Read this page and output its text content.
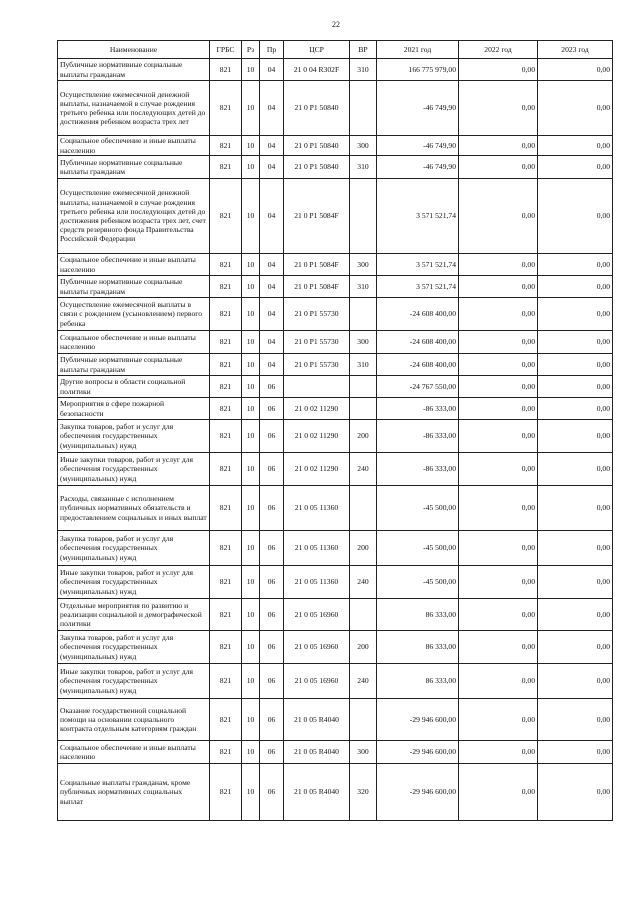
22
Наименование	ГРБС	Рз	Пр	ЦСР	ВР	2021 год	2022 год	2023 год
Публичные нормативные социальные выплаты гражданам	821	10	04	21 0 04 R302F	310	166 775 979,00	0,00	0,00
Осуществление ежемесячной денежной выплаты, назначаемой в случае рождения третьего ребенка или последующих детей до достижения ребенком возраста трех лет	821	10	04	21 0 P1 50840		-46 749,90	0,00	0,00
Социальное обеспечение и иные выплаты населению	821	10	04	21 0 P1 50840	300	-46 749,90	0,00	0,00
Публичные нормативные социальные выплаты гражданам	821	10	04	21 0 P1 50840	310	-46 749,90	0,00	0,00
Осуществление ежемесячной денежной выплаты, назначаемой в случае рождения третьего ребенка или последующих детей до достижения ребенком возраста трех лет, счет средств резервного фонда Правительства Российской Федерации	821	10	04	21 0 P1 5084F		3 571 521,74	0,00	0,00
Социальное обеспечение и иные выплаты населению	821	10	04	21 0 P1 5084F	300	3 571 521,74	0,00	0,00
Публичные нормативные социальные выплаты гражданам	821	10	04	21 0 P1 5084F	310	3 571 521,74	0,00	0,00
Осуществление ежемесячной выплаты в связи с рождением (усыновлением) первого ребенка	821	10	04	21 0 P1 55730		-24 608 400,00	0,00	0,00
Социальное обеспечение и иные выплаты населению	821	10	04	21 0 P1 55730	300	-24 608 400,00	0,00	0,00
Публичные нормативные социальные выплаты гражданам	821	10	04	21 0 P1 55730	310	-24 608 400,00	0,00	0,00
Другие вопросы в области социальной политики	821	10	06			-24 767 550,00	0,00	0,00
Мероприятия в сфере пожарной безопасности	821	10	06	21 0 02 11290		-86 333,00	0,00	0,00
Закупка товаров, работ и услуг для обеспечения государственных (муниципальных) нужд	821	10	06	21 0 02 11290	200	-86 333,00	0,00	0,00
Иные закупки товаров, работ и услуг для обеспечения государственных (муниципальных) нужд	821	10	06	21 0 02 11290	240	-86 333,00	0,00	0,00
Расходы, связанные с исполнением публичных нормативных обязательств и предоставлением социальных и иных выплат	821	10	06	21 0 05 11360		-45 500,00	0,00	0,00
Закупка товаров, работ и услуг для обеспечения государственных (муниципальных) нужд	821	10	06	21 0 05 11360	200	-45 500,00	0,00	0,00
Иные закупки товаров, работ и услуг для обеспечения государственных (муниципальных) нужд	821	10	06	21 0 05 11360	240	-45 500,00	0,00	0,00
Отдельные мероприятия по развитию и реализации социальной и демографической политики	821	10	06	21 0 05 16960		86 333,00	0,00	0,00
Закупка товаров, работ и услуг для обеспечения государственных (муниципальных) нужд	821	10	06	21 0 05 16960	200	86 333,00	0,00	0,00
Иные закупки товаров, работ и услуг для обеспечения государственных (муниципальных) нужд	821	10	06	21 0 05 16960	240	86 333,00	0,00	0,00
Оказание государственной социальной помощи на основании социального контракта отдельным категориям граждан	821	10	06	21 0 05 R4040		-29 946 600,00	0,00	0,00
Социальное обеспечение и иные выплаты населению	821	10	06	21 0 05 R4040	300	-29 946 600,00	0,00	0,00
Социальные выплаты гражданам, кроме публичных нормативных социальных выплат	821	10	06	21 0 05 R4040	320	-29 946 600,00	0,00	0,00
